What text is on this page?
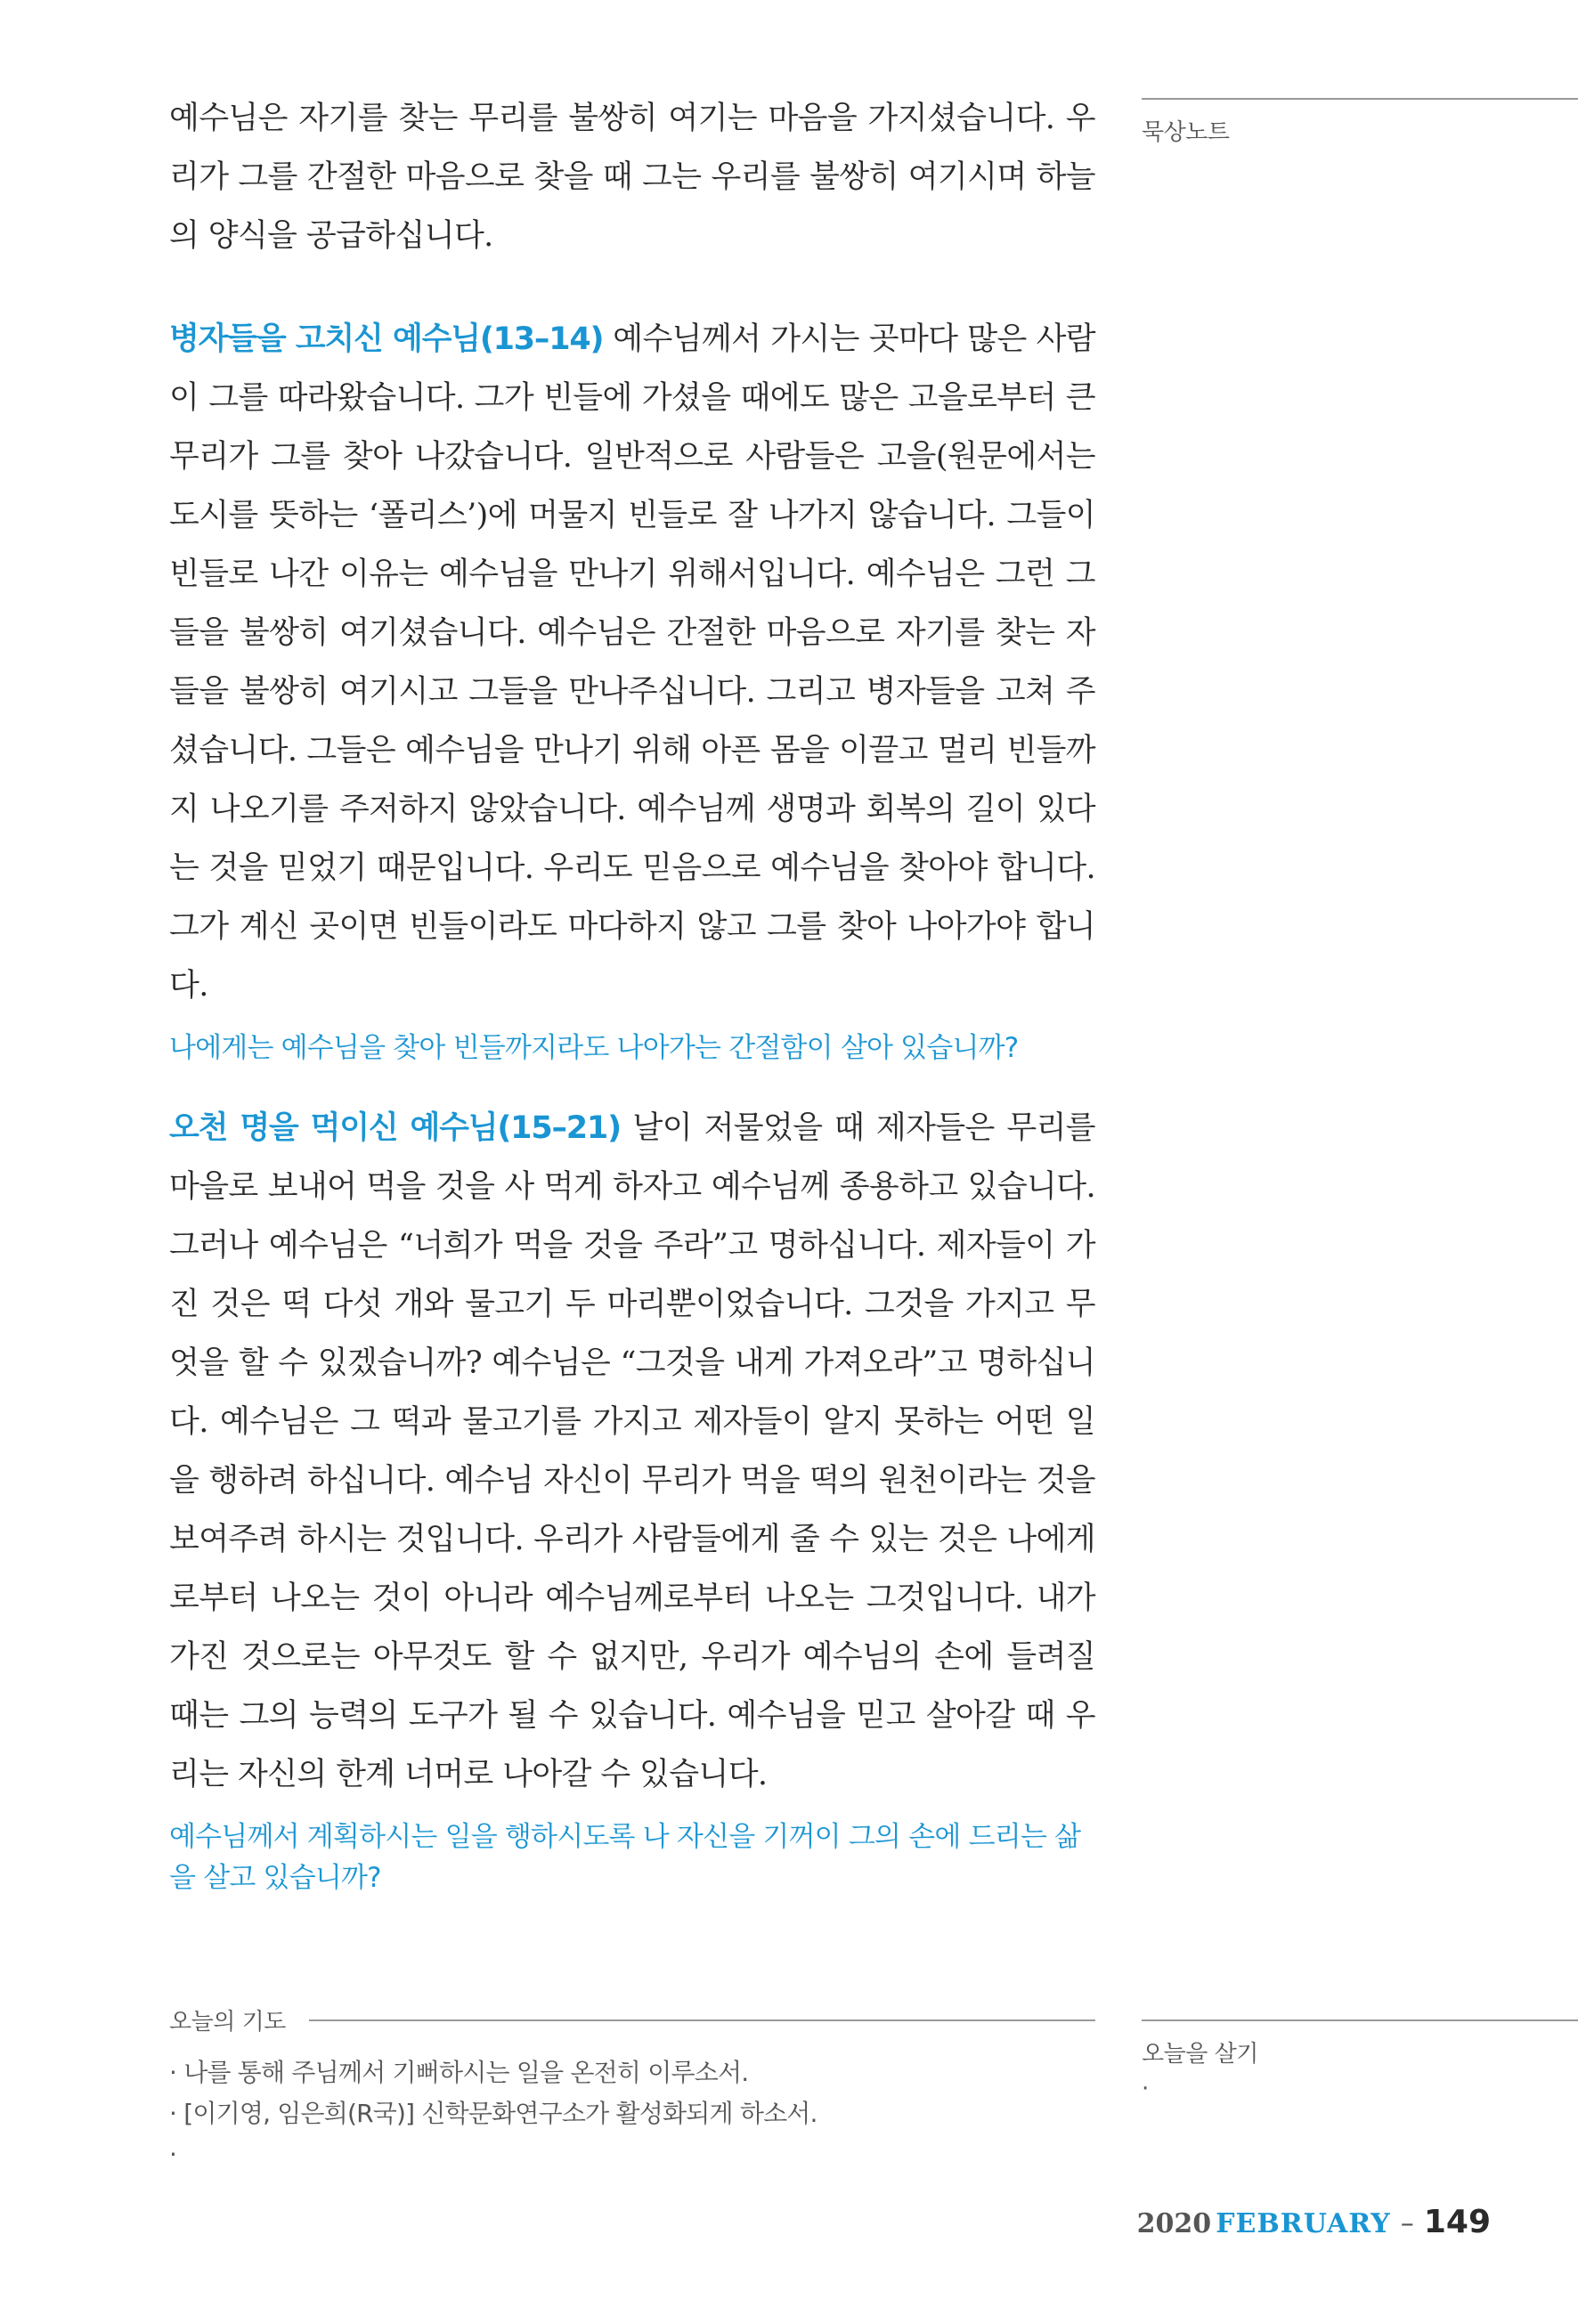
묵상노트

예수님은 자기를 찾는 무리를 불쌍히 여기는 마음을 가지셨습니다. 우리가 그를 간절한 마음으로 찾을 때 그는 우리를 불쌍히 여기시며 하늘의 양식을 공급하십니다.

병자들을 고치신 예수님(13–14) 예수님께서 가시는 곳마다 많은 사람이 그를 따라왔습니다. 그가 빈들에 가셨을 때에도 많은 고을로부터 큰 무리가 그를 찾아 나갔습니다. 일반적으로 사람들은 고을(원문에서는 도시를 뜻하는 ‘폴리스’)에 머물지 빈들로 잘 나가지 않습니다. 그들이 빈들로 나간 이유는 예수님을 만나기 위해서입니다. 예수님은 그런 그들을 불쌍히 여기셨습니다. 예수님은 간절한 마음으로 자기를 찾는 자들을 불쌍히 여기시고 그들을 만나주십니다. 그리고 병자들을 고쳐 주셨습니다. 그들은 예수님을 만나기 위해 아픈 몸을 이끌고 멀리 빈들까지 나오기를 주저하지 않았습니다. 예수님께 생명과 회복의 길이 있다는 것을 믿었기 때문입니다. 우리도 믿음으로 예수님을 찾아야 합니다. 그가 계신 곳이면 빈들이라도 마다하지 않고 그를 찾아 나아가야 합니다.

나에게는 예수님을 찾아 빈들까지라도 나아가는 간절함이 살아 있습니까?

오천 명을 먹이신 예수님(15–21) 날이 저물었을 때 제자들은 무리를 마을로 보내어 먹을 것을 사 먹게 하자고 예수님께 종용하고 있습니다. 그러나 예수님은 “너희가 먹을 것을 주라”고 명하십니다. 제자들이 가진 것은 떡 다섯 개와 물고기 두 마리뿐이었습니다. 그것을 가지고 무엇을 할 수 있겠습니까? 예수님은 “그것을 내게 가져오라”고 명하십니다. 예수님은 그 떡과 물고기를 가지고 제자들이 알지 못하는 어떤 일을 행하려 하십니다. 예수님 자신이 무리가 먹을 떡의 원천이라는 것을 보여주려 하시는 것입니다. 우리가 사람들에게 줄 수 있는 것은 나에게로부터 나오는 것이 아니라 예수님께로부터 나오는 그것입니다. 내가 가진 것으로는 아무것도 할 수 없지만, 우리가 예수님의 손에 들려질 때는 그의 능력의 도구가 될 수 있습니다. 예수님을 믿고 살아갈 때 우리는 자신의 한계 너머로 나아갈 수 있습니다.

예수님께서 계획하시는 일을 행하시도록 나 자신을 기꺼이 그의 손에 드리는 삶을 살고 있습니까?

오늘의 기도
· 나를 통해 주님께서 기뻐하시는 일을 온전히 이루소서.
· [이기영, 임은희(R국)] 신학문화연구소가 활성화되게 하소서.
·
오늘을 살기
·
2020 FEBRUARY – 149
